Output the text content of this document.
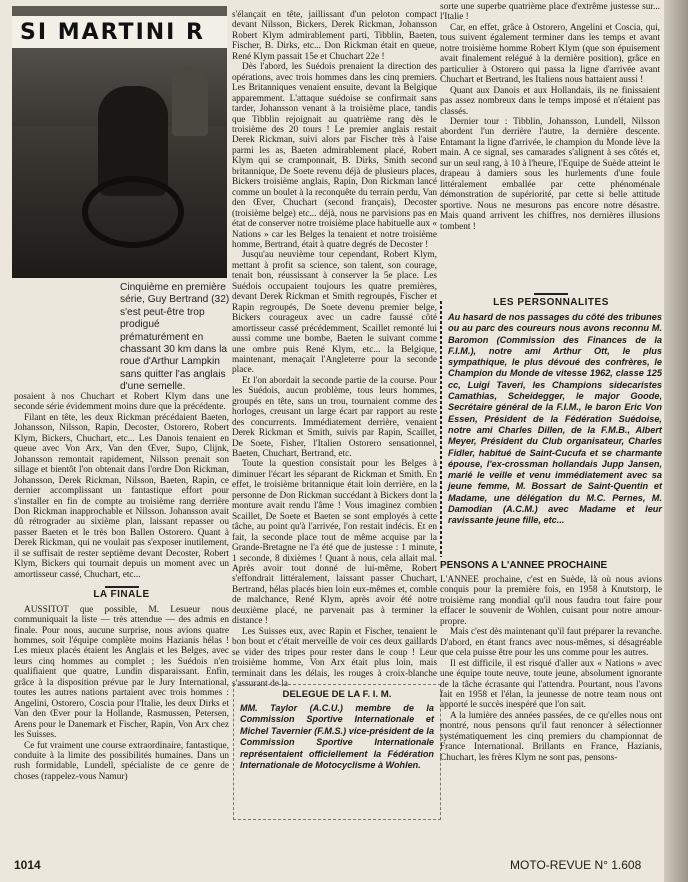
SI MARTINI R
Cinquième en première série, Guy Bertrand (32) s'est peut-être trop prodigué prématurément en chassant 30 km dans la roue d'Arthur Lampkin sans quitter l'as anglais d'une semelle.

posaient à nos Chuchart et Robert Klym dans une seconde série évidemment moins dure que la précédente.

Filant en tête, les deux Rickman précédaient Baeten, Johansson, Nilsson, Rapin, Decoster, Ostorero, Robert Klym, Bickers, Chuchart, etc... Les Danois tenaient en queue avec Von Arx, Van den Œver, Supo, Clijnk, Johansson remontait rapidement, Nilsson prenait son sillage et bientôt l'on obtenait dans l'ordre Don Rickman, Johansson, Derek Rickman, Nilsson, Baeten, Rapin, ce dernier accomplissant un fantastique effort pour s'installer en fin de compte au troisième rang derrière Don Rickman inapprochable et Nilsson. Johansson avait dû rétrograder au sixième plan, laissant repasser ou passer Baeten et le très bon Ballen Ostorero. Quant à Derek Rickman, qui ne voulait pas s'exposer inutilement, il se suffisait de rester septième devant Decoster, Robert Klym, Bickers qui tournait depuis un moment avec un amortisseur cassé, Chuchart, etc...

LA FINALE

AUSSITOT que possible, M. Lesueur nous communiquait la liste — très attendue — des admis en finale. Pour nous, aucune surprise, nous avions quatre hommes, soit l'équipe complète moins Hazianis hélas ! Les mieux placés étaient les Anglais et les Belges, avec leurs cinq hommes au complet ; les Suédois n'en qualifiaient que quatre, Lundin disparaissant. Enfin, grâce à la disposition prévue par le Jury International, toutes les autres nations partaient avec trois hommes : Angelini, Ostorero, Coscia pour l'Italie, les deux Dirks et Van den Œver pour la Hollande, Rasmussen, Petersen, Arens pour le Danemark et Fischer, Rapin, Von Arx chez les Suisses.

Ce fut vraiment une course extraordinaire, fantastique, conduite à la limite des possibilités humaines. Dans un rush formidable, Lundell, spécialiste de ce genre de choses (rappelez-vous Namur)

s'élançait en tête, jaillissant d'un peloton compact devant Nilsson, Bickers, Derek Rickman, Johansson Robert Klym admirablement parti, Tibblin, Baeten, Fischer, B. Dirks, etc... Don Rickman était en queue, René Klym passait 15e et Chuchart 22e !

Dès l'abord, les Suédois prenaient la direction des opérations, avec trois hommes dans les cinq premiers. Les Britanniques venaient ensuite, devant la Belgique apparemment. L'attaque suédoise se confirmait sans tarder, Johansson venant à la troisième place, tandis que Tibblin rejoignait au quatrième rang dès le troisième des 20 tours ! Le premier anglais restait Derek Rickman, suivi alors par Fischer très à l'aise parmi les as, Baeten admirablement placé, Robert Klym qui se cramponnait, B. Dirks, Smith second britannique, De Soete revenu déjà de plusieurs places, Bickers troisième anglais, Rapin, Don Rickman lancé comme un boulet à la reconquête du terrain perdu, Van den Œver, Chuchart (second français), Decoster (troisième belge) etc... déjà, nous ne parvisions pas en état de conserver notre troisième place habituelle aux « Nations » car les Belges la tenaient et notre troisième homme, Bertrand, était à quatre degrés de Decoster !

Jusqu'au neuvième tour cependant, Robert Klym, mettant à profit sa science, son talent, son courage, tenait bon, réussissant à conserver la 5e place. Les Suédois occupaient toujours les quatre premières, devant Derek Rickman et Smith regroupés, Fischer et Rapin regroupés, De Soete devenu premier belge, Bickers courageux avec un cadre faussé côté amortisseur cassé précédemment, Scaillet remonté lui aussi comme une bombe, Baeten le suivant comme une ombre puis René Klym, etc... la Belgique, maintenant, menaçait l'Angleterre pour la seconde place.

Et l'on abordait la seconde partie de la course. Pour les Suédois, aucun problème, tous leurs hommes, groupés en tête, sans un trou, tournaient comme des horloges, creusant un large écart par rapport au reste des concurrents. Immédiatement derrière, venaient Derek Rickman et Smith, suivis par Rapin, Scaillet, De Soete, Fisher, l'Italien Ostorero sensationnel, Baeten, Chuchart, Bertrand, etc.

Toute la question consistait pour les Belges à diminuer l'écart les séparant de Rickman et Smith. En effet, le troisième britannique était loin derrière, en la personne de Don Rickman succédant à Bickers dont la monture avait rendu l'âme ! Vous imaginez combien Scaillet, De Soete et Baeten se sont employés à cette tâche, au point qu'à l'arrivée, l'on restait indécis. Et en fait, la seconde place tout de même acquise par la Grande-Bretagne ne l'a été que de justesse : 1 minute, 1 seconde, 8 dixièmes ! Quant à nous, cela allait mal. Après avoir tout donné de lui-même, Robert s'effondrait littéralement, laissant passer Chuchart, Bertrand, hélas placés bien loin eux-mêmes et, comble de malchance, René Klym, après avoir été notre deuxième placé, ne parvenait pas à terminer la distance !

Les Suisses eux, avec Rapin et Fischer, tenaient le bon bout et c'était merveille de voir ces deux gaillards se vider des tripes pour rester dans le coup ! Leur troisième homme, Von Arx était plus loin, mais terminait dans les délais, les rouges à croix-blanche s'assurant de la

DELEGUE DE LA F. I. M.

MM. Taylor (A.C.U.) membre de la Commission Sportive Internationale et Michel Tavernier (F.M.S.) vice-président de la Commission Sportive Internationale représentaient officiellement la Fédération Internationale de Motocyclisme à Wohlen.

sorte une superbe quatrième place d'extrême justesse sur... l'Italie !

Car, en effet, grâce à Ostorero, Angelini et Coscia, qui, tous suivent également terminer dans les temps et avant notre troisième homme Robert Klym (que son épuisement avait finalement relégué à la dernière position), grâce en particulier à Ostorero qui passa la ligne d'arrivée avant Chuchart et Bertrand, les Italiens nous battaient aussi !

Quant aux Danois et aux Hollandais, ils ne finissaient pas assez nombreux dans le temps imposé et n'étaient pas classés.

Dernier tour : Tibblin, Johansson, Lundell, Nilsson abordent l'un derrière l'autre, la dernière descente. Entamant la ligne d'arrivée, le champion du Monde lève la main. A ce signal, ses camarades s'alignent à ses côtés et, sur un seul rang, à 10 à l'heure, l'Equipe de Suède atteint le drapeau à damiers sous les hurlements d'une foule littéralement emballée par cette phénoménale démonstration de supériorité, par cette si belle attitude sportive. Nous ne mesurons pas encore notre désastre. Mais quand arrivent les chiffres, nos dernières illusions tombent !

LES PERSONNALITES

Au hasard de nos passages du côté des tribunes ou au parc des coureurs nous avons reconnu M. Baromon (Commission des Finances de la F.I.M.), notre ami Arthur Ott, le plus sympathique, le plus dévoué des confrères, le Champion du Monde de vitesse 1962, classe 125 cc, Luigi Taveri, les Champions sidecaristes Camathias, Scheidegger, le major Goode, Secrétaire général de la F.I.M., le baron Eric Von Essen, Président de la Fédération Suédoise, notre ami Charles Dillen, de la F.M.B., Albert Meyer, Président du Club organisateur, Charles Fidler, habitué de Saint-Cucufa et se charmante épouse, l'ex-crossman hollandais Jupp Jansen, marié le veille et venu immédiatement avec sa jeune femme, M. Bossart de Saint-Quentin et Madame, une délégation du M.C. Pernes, M. Damodian (A.C.M.) avec Madame et leur ravissante jeune fille, etc...

PENSONS A L'ANNEE PROCHAINE

L'ANNEE prochaine, c'est en Suède, là où nous avions conquis pour la première fois, en 1958 à Knutstorp, le troisième rang mondial qu'il nous faudra tout faire pour effacer le souvenir de Wohlen, cuisant pour notre amour-propre.

Mais c'est dès maintenant qu'il faut préparer la revanche. D'abord, en étant francs avec nous-mêmes, si désagréable que cela puisse être pour les uns comme pour les autres.

Il est difficile, il est risqué d'aller aux « Nations » avec une équipe toute neuve, toute jeune, absolument ignorante de la tâche écrasante qui l'attendra. Pourtant, nous l'avons fait en 1958 et l'élan, la jeunesse de notre team nous ont apporté le succès inespéré que l'on sait.

A la lumière des années passées, de ce qu'elles nous ont montré, nous pensons qu'il faut renoncer à sélectionner systématiquement les cinq premiers du championnat de France International. Brillants en France, Hazianis, Chuchart, les frères Klym ne sont pas, pensons-

1014	MOTO-REVUE N° 1.608
